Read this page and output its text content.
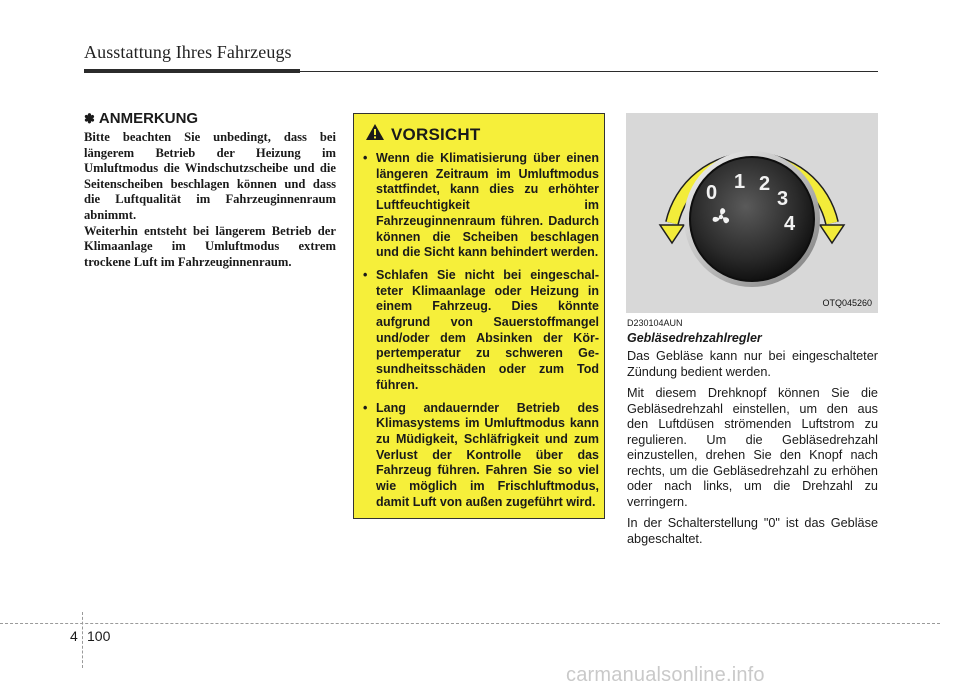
Ausstattung Ihres Fahrzeugs
✽ ANMERKUNG

Bitte beachten Sie unbedingt, dass bei längerem Betrieb der Heizung im Umluftmodus die Windschutzscheibe und die Seitenscheiben beschlagen können und dass die Luftqualität im Fahrzeuginnenraum abnimmt.

Weiterhin entsteht bei längerem Betrieb der Klimaanlage im Umluftmodus extrem trockene Luft im Fahrzeuginnenraum.

VORSICHT
• Wenn die Klimatisierung über einen längeren Zeitraum im Umluftmodus stattfindet, kann dies zu erhöhter Luftfeuchtigkeit im Fahrzeuginnenraum führen. Dadurch können die Scheiben beschlagen und die Sicht kann behindert werden.
• Schlafen Sie nicht bei eingeschal-teter Klimaanlage oder Heizung in einem Fahrzeug. Dies könnte aufgrund von Sauerstoffmangel und/oder dem Absinken der Kör-pertemperatur zu schweren Ge-sundheitsschäden oder zum Tod führen.
• Lang andauernder Betrieb des Klimasystems im Umluftmodus kann zu Müdigkeit, Schläfrigkeit und zum Verlust der Kontrolle über das Fahrzeug führen. Fahren Sie so viel wie möglich im Frischluftmodus, damit Luft von außen zugeführt wird.
0 1 2
3
4
OTQ045260
D230104AUN
Gebläsedrehzahlregler

Das Gebläse kann nur bei eingeschalteter Zündung bedient werden.

Mit diesem Drehknopf können Sie die Gebläsedrehzahl einstellen, um den aus den Luftdüsen strömenden Luftstrom zu regulieren. Um die Gebläsedrehzahl einzustellen, drehen Sie den Knopf nach rechts, um die Gebläsedrehzahl zu erhöhen oder nach links, um die Drehzahl zu verringern.

In der Schalterstellung "0" ist das Gebläse abgeschaltet.

4 100
carmanualsonline.info
